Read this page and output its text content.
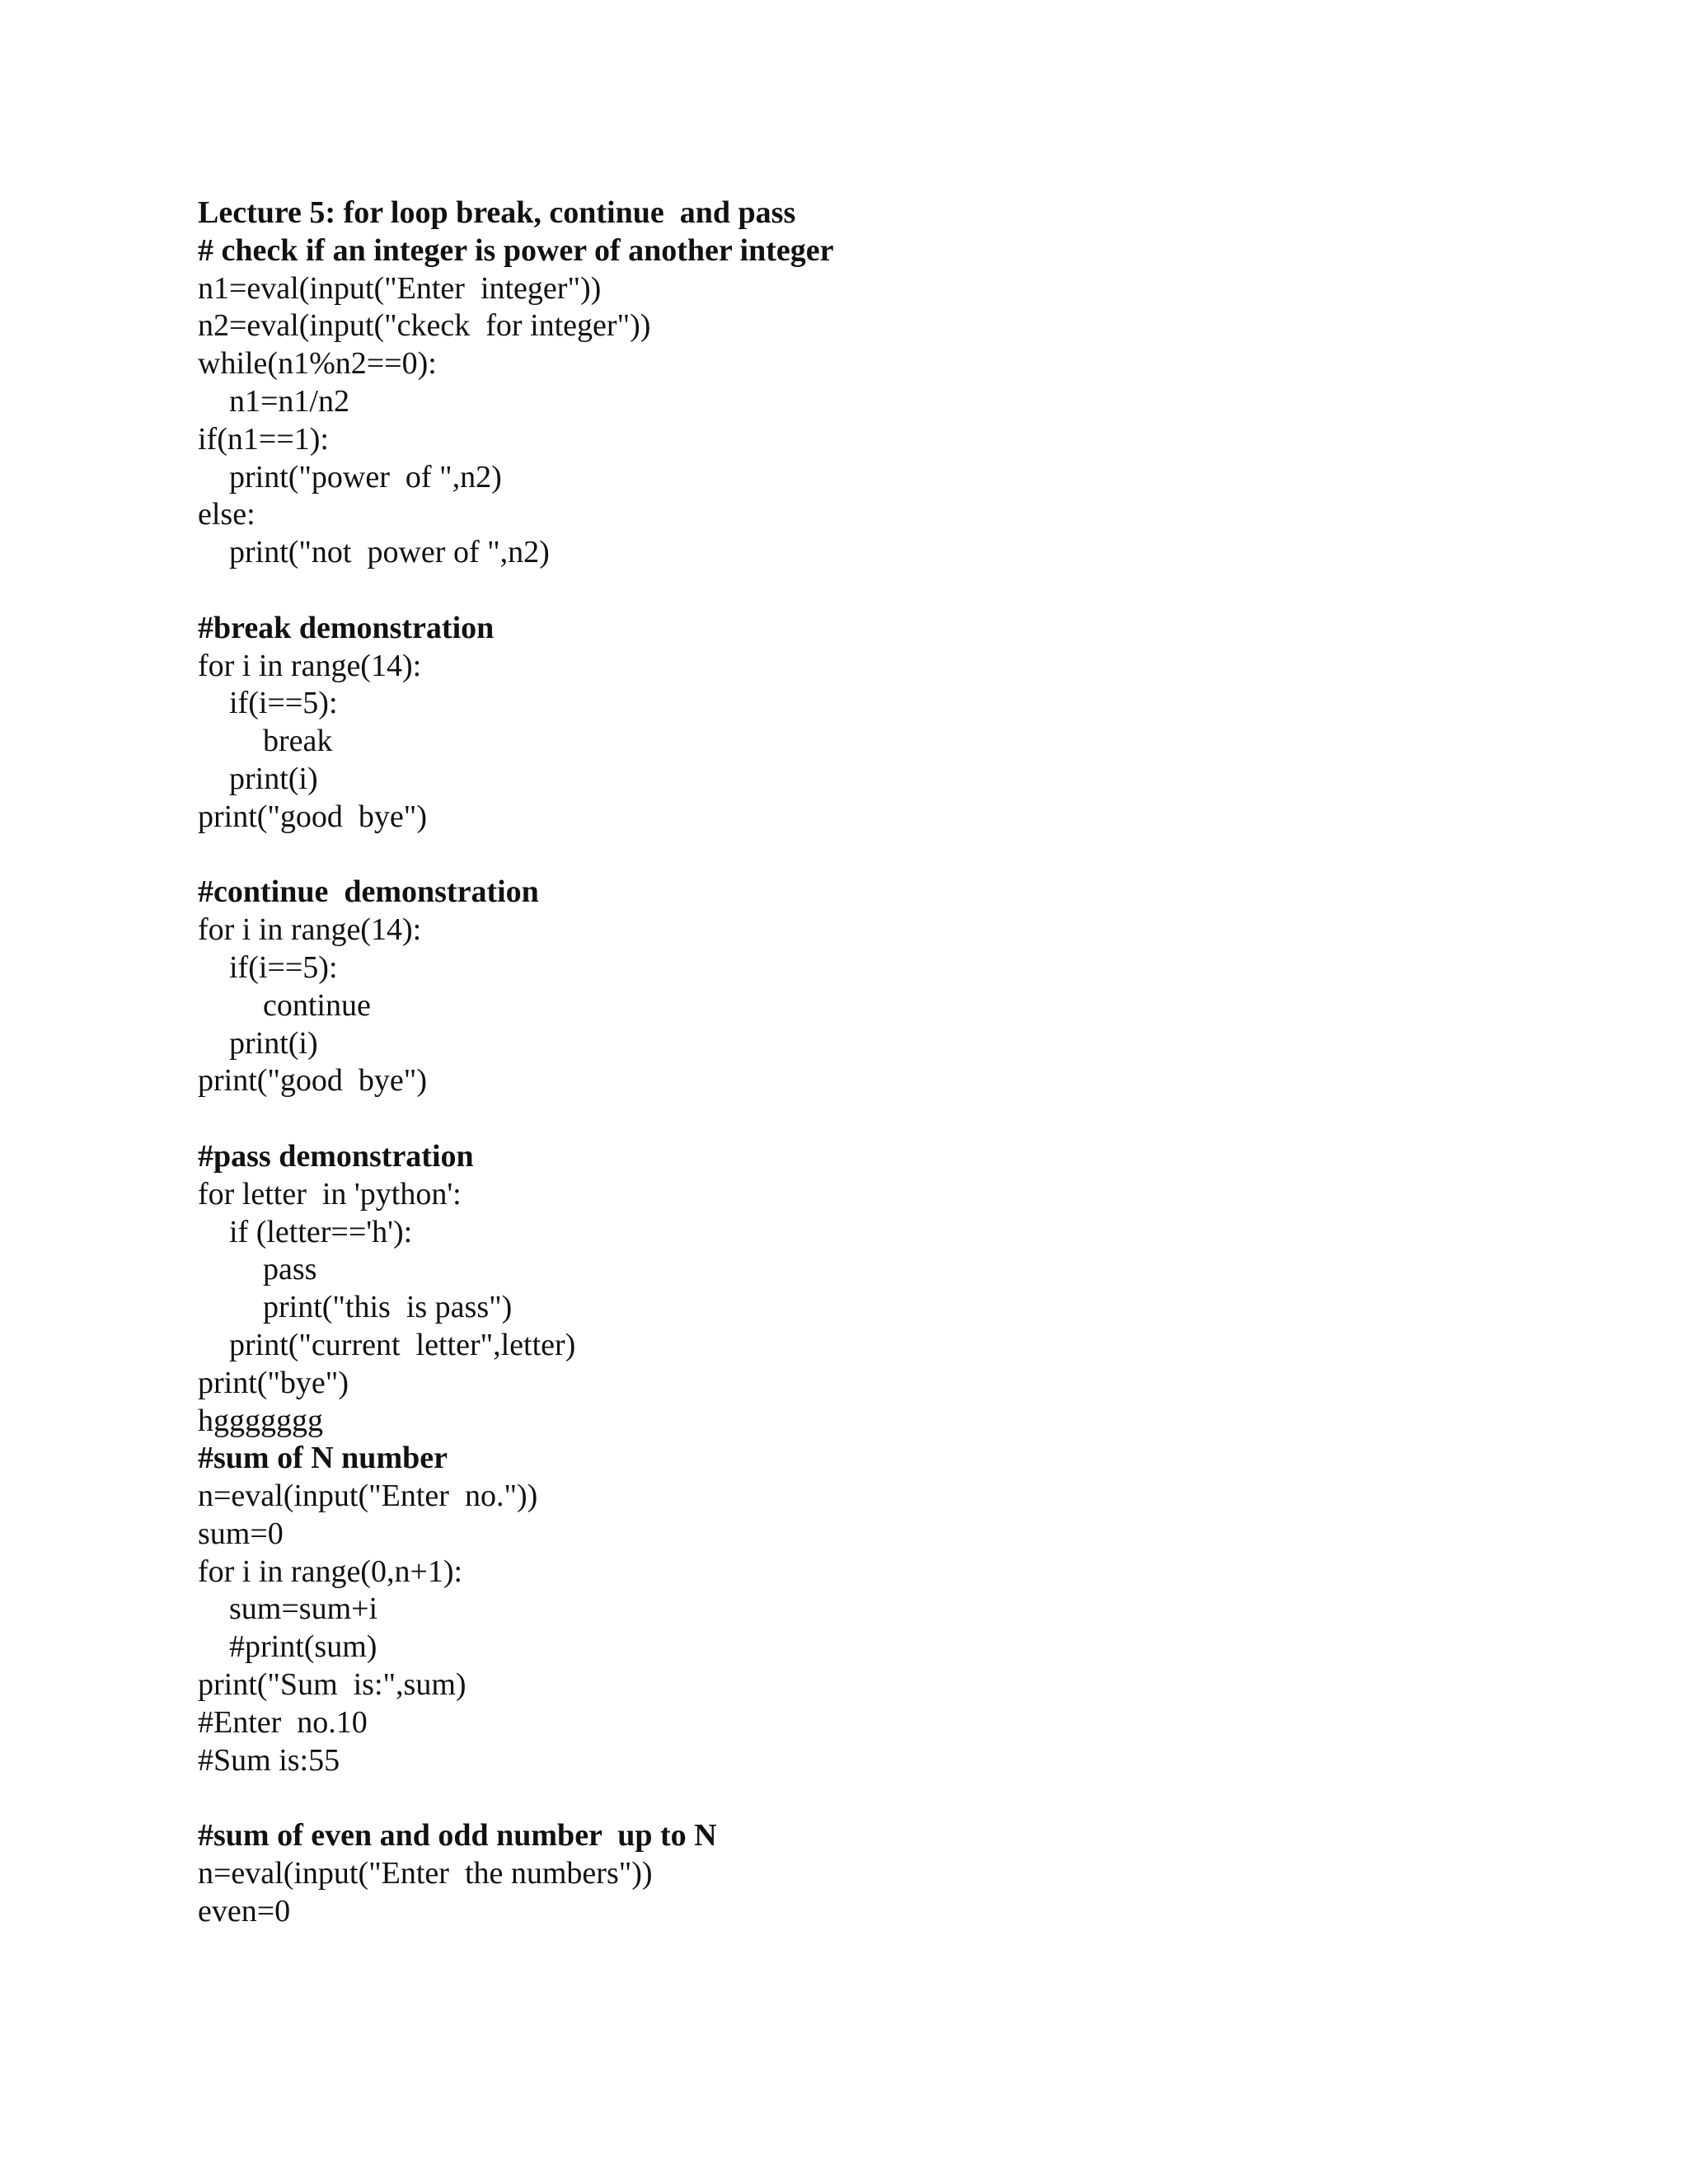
Lecture 5: for loop break, continue  and pass
# check if an integer is power of another integer
n1=eval(input("Enter  integer"))
n2=eval(input("ckeck  for integer"))
while(n1%n2==0):
n1=n1/n2
if(n1==1):
print("power  of ",n2)
else:
print("not  power of ",n2)
#break demonstration
for i in range(14):
if(i==5):
break
print(i)
print("good  bye")
#continue  demonstration
for i in range(14):
if(i==5):
continue
print(i)
print("good  bye")
#pass demonstration
for letter  in 'python':
if (letter=='h'):
pass
print("this  is pass")
print("current  letter",letter)
print("bye")
hggggggg
#sum of N number
n=eval(input("Enter  no."))
sum=0
for i in range(0,n+1):
sum=sum+i
#print(sum)
print("Sum  is:",sum)
#Enter  no.10
#Sum is:55
#sum of even and odd number  up to N
n=eval(input("Enter  the numbers"))
even=0
